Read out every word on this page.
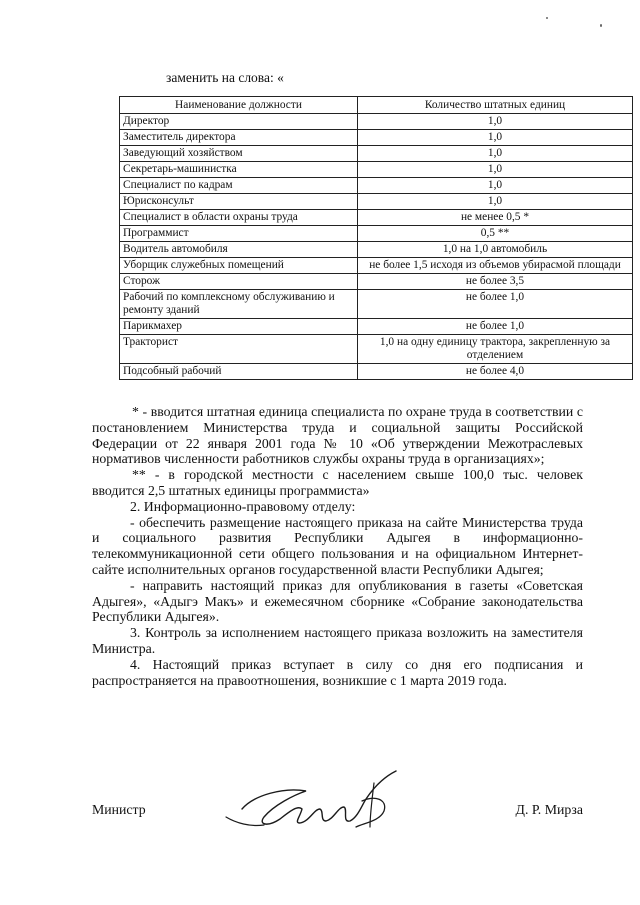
заменить на слова: «
Наименование должности	Количество штатных единиц
Директор	1,0
Заместитель директора	1,0
Заведующий хозяйством	1,0
Секретарь-машинистка	1,0
Специалист по кадрам	1,0
Юрисконсульт	1,0
Специалист в области охраны труда	не менее 0,5 *
Программист	0,5 **
Водитель автомобиля	1,0 на 1,0 автомобиль
Уборщик служебных помещений	не более 1,5 исходя из объемов убирасмой площади
Сторож	не более 3,5
Рабочий по комплексному обслуживанию и ремонту зданий	не более 1,0
Парикмахер	не более 1,0
Тракторист	1,0 на одну единицу трактора, закрепленную за отделением
Подсобный рабочий	не более 4,0

* - вводится штатная единица специалиста по охране труда в соответствии с постановлением Министерства труда и социальной защиты Российской Федерации от 22 января 2001 года № 10 «Об утверждении Межотраслевых нормативов численности работников службы охраны труда в организациях»;

** - в городской местности с населением свыше 100,0 тыс. человек вводится 2,5 штатных единицы программиста»

2. Информационно-правовому отделу:

- обеспечить размещение настоящего приказа на сайте Министерства труда и социального развития Республики Адыгея в информационно-телекоммуникационной сети общего пользования и на официальном Интернет-сайте исполнительных органов государственной власти Республики Адыгея;

- направить настоящий приказ для опубликования в газеты «Советская Адыгея», «Адыгэ Макъ» и ежемесячном сборнике «Собрание законодательства Республики Адыгея».

3. Контроль за исполнением настоящего приказа возложить на заместителя Министра.

4. Настоящий приказ вступает в силу со дня его подписания и распространяется на правоотношения, возникшие с 1 марта 2019 года.

Министр	Д. Р. Мирза
